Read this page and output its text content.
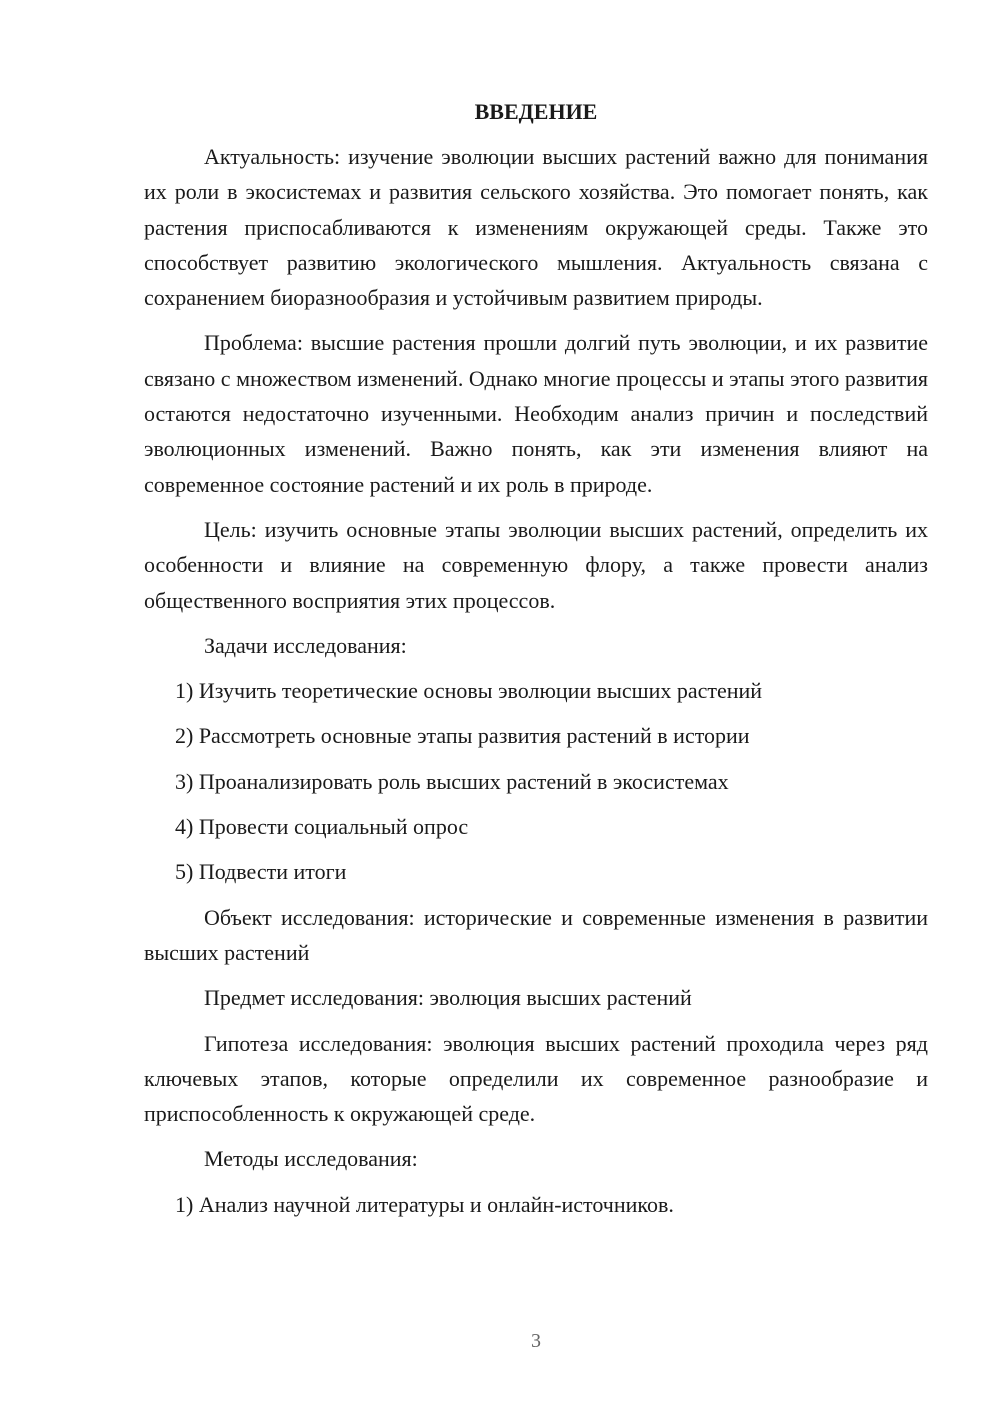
ВВЕДЕНИЕ

Актуальность: изучение эволюции высших растений важно для понимания их роли в экосистемах и развития сельского хозяйства. Это помогает понять, как растения приспосабливаются к изменениям окружающей среды. Также это способствует развитию экологического мышления. Актуальность связана с сохранением биоразнообразия и устойчивым развитием природы.

Проблема: высшие растения прошли долгий путь эволюции, и их развитие связано с множеством изменений. Однако многие процессы и этапы этого развития остаются недостаточно изученными. Необходим анализ причин и последствий эволюционных изменений. Важно понять, как эти изменения влияют на современное состояние растений и их роль в природе.

Цель: изучить основные этапы эволюции высших растений, определить их особенности и влияние на современную флору, а также провести анализ общественного восприятия этих процессов.

Задачи исследования:

1) Изучить теоретические основы эволюции высших растений
2) Рассмотреть основные этапы развития растений в истории
3) Проанализировать роль высших растений в экосистемах
4) Провести социальный опрос
5) Подвести итоги

Объект исследования: исторические и современные изменения в развитии высших растений

Предмет исследования: эволюция высших растений

Гипотеза исследования: эволюция высших растений проходила через ряд ключевых этапов, которые определили их современное разнообразие и приспособленность к окружающей среде.

Методы исследования:

1) Анализ научной литературы и онлайн-источников.
3
